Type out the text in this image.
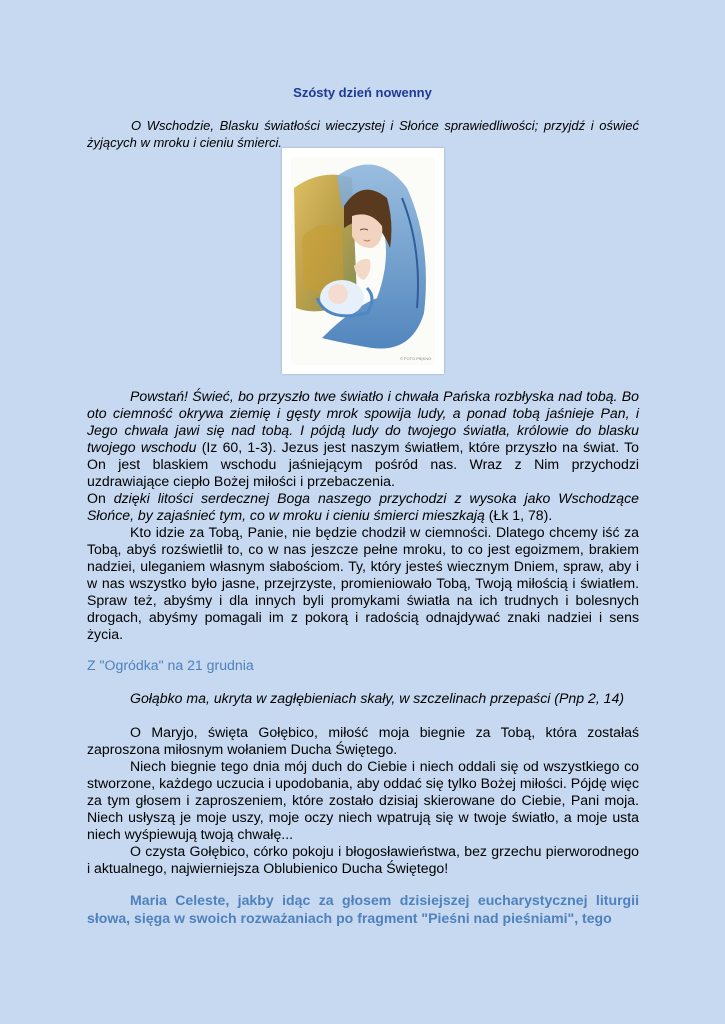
Szósty dzień nowenny
O Wschodzie, Blasku światłości wieczystej i Słońce sprawiedliwości; przyjdź i oświeć żyjących w mroku i cieniu śmierci.
© FOTO PIĘKNO

Powstań! Świeć, bo przyszło twe światło i chwała Pańska rozbłyska nad tobą. Bo oto ciemność okrywa ziemię i gęsty mrok spowija ludy, a ponad tobą jaśnieje Pan, i Jego chwała jawi się nad tobą. I pójdą ludy do twojego światła, królowie do blasku twojego wschodu (Iz 60, 1-3). Jezus jest naszym światłem, które przyszło na świat. To On jest blaskiem wschodu jaśniejącym pośród nas. Wraz z Nim przychodzi uzdrawiające ciepło Bożej miłości i przebaczenia.

On dzięki litości serdecznej Boga naszego przychodzi z wysoka jako Wschodzące Słońce, by zajaśnieć tym, co w mroku i cieniu śmierci mieszkają (Łk 1, 78).

Kto idzie za Tobą, Panie, nie będzie chodził w ciemności. Dlatego chcemy iść za Tobą, abyś rozświetlił to, co w nas jeszcze pełne mroku, to co jest egoizmem, brakiem nadziei, uleganiem własnym słabościom. Ty, który jesteś wiecznym Dniem, spraw, aby i w nas wszystko było jasne, przejrzyste, promieniowało Tobą, Twoją miłością i światłem. Spraw też, abyśmy i dla innych byli promykami światła na ich trudnych i bolesnych drogach, abyśmy pomagali im z pokorą i radością odnajdywać znaki nadziei i sens życia.

Z "Ogródka" na 21 grudnia
Gołąbko ma, ukryta w zagłębieniach skały, w szczelinach przepaści (Pnp 2, 14)

O Maryjo, święta Gołębico, miłość moja biegnie za Tobą, która zostałaś zaproszona miłosnym wołaniem Ducha Świętego.

Niech biegnie tego dnia mój duch do Ciebie i niech oddali się od wszystkiego co stworzone, każdego uczucia i upodobania, aby oddać się tylko Bożej miłości. Pójdę więc za tym głosem i zaproszeniem, które zostało dzisiaj skierowane do Ciebie, Pani moja. Niech usłyszą je moje uszy, moje oczy niech wpatrują się w twoje światło, a moje usta niech wyśpiewują twoją chwałę...

O czysta Gołębico, córko pokoju i błogosławieństwa, bez grzechu pierworodnego i aktualnego, najwierniejsza Oblubienico Ducha Świętego!

Maria Celeste, jakby idąc za głosem dzisiejszej eucharystycznej liturgii słowa, sięga w swoich rozważaniach po fragment "Pieśni nad pieśniami", tego
